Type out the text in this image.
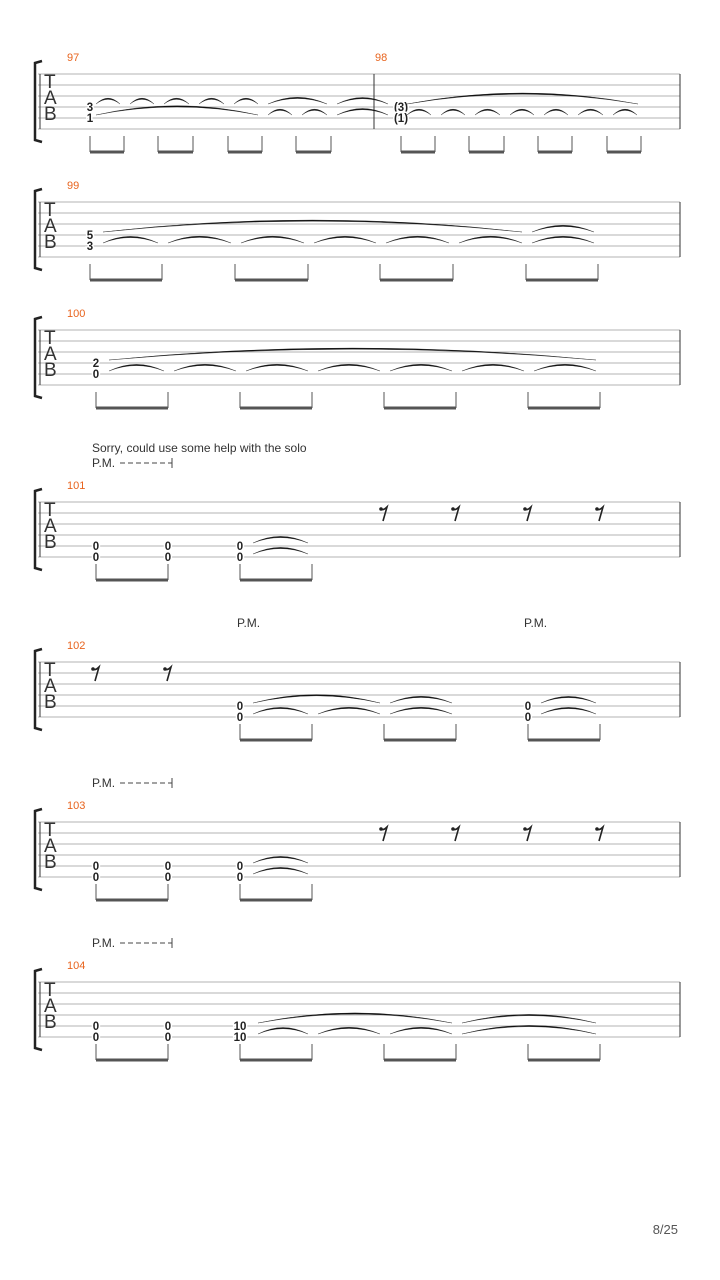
T
A
B
97
3
1
98
(3)
(1)
T
A
B
99
5
3
T
A
B
100
2
0
T
A
B
101
0
0
0
0
0
0
Sorry, could use some help with the solo
P.M.
T
A
B
102
0
0
0
0
P.M.	P.M.
T
A
B
103
0
0
0
0
0
0
P.M.
T
A
B
104
0
0
0
0
10
10
P.M.
8/25
